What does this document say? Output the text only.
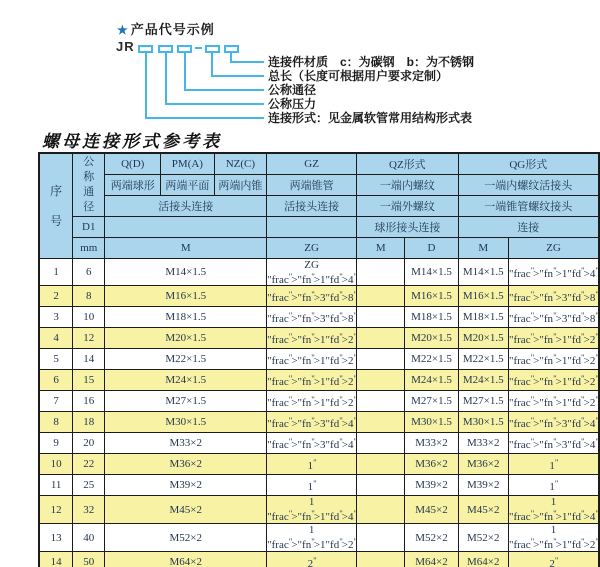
★ 产品代号示例
JR
连接件材质　c：为碳钢　b：为不锈钢
总长（长度可根据用户要求定制）
公称通径
公称压力
连接形式：见金属软管常用结构形式表
螺母连接形式参考表
序号	公称通径	Q(D)	PM(A)	NZ(C)	GZ	QZ形式		QG形式	
		两端球形	两端平面	两端内锥	两端锥管	一端内螺纹		一端内螺纹活接头	
		活接头连接			活接头连接	一端外螺纹		一端锥管螺纹接头	
	D1					球形接头连接		连接	
	mm	M			ZG	M	D	M	ZG
1	6	M14×1.5			ZG "frac">"fn">1"fd">4"		M14×1.5	M14×1.5	"frac">"fn">1"fd">4"
2	8	M16×1.5			"frac">"fn">3"fd">8"		M16×1.5	M16×1.5	"frac">"fn">3"fd">8"
3	10	M18×1.5			"frac">"fn">3"fd">8"		M18×1.5	M18×1.5	"frac">"fn">3"fd">8"
4	12	M20×1.5			"frac">"fn">1"fd">2"		M20×1.5	M20×1.5	"frac">"fn">1"fd">2"
5	14	M22×1.5			"frac">"fn">1"fd">2"		M22×1.5	M22×1.5	"frac">"fn">1"fd">2"
6	15	M24×1.5			"frac">"fn">1"fd">2"		M24×1.5	M24×1.5	"frac">"fn">1"fd">2"
7	16	M27×1.5			"frac">"fn">1"fd">2"		M27×1.5	M27×1.5	"frac">"fn">1"fd">2"
8	18	M30×1.5			"frac">"fn">3"fd">4"		M30×1.5	M30×1.5	"frac">"fn">3"fd">4"
9	20	M33×2			"frac">"fn">3"fd">4"		M33×2	M33×2	"frac">"fn">3"fd">4"
10	22	M36×2			1"		M36×2	M36×2	1"
11	25	M39×2			1"		M39×2	M39×2	1"
12	32	M45×2			1 "frac">"fn">1"fd">4"		M45×2	M45×2	1 "frac">"fn">1"fd">4"
13	40	M52×2			1 "frac">"fn">1"fd">2"		M52×2	M52×2	1 "frac">"fn">1"fd">2"
14	50	M64×2			2"		M64×2	M64×2	2"
